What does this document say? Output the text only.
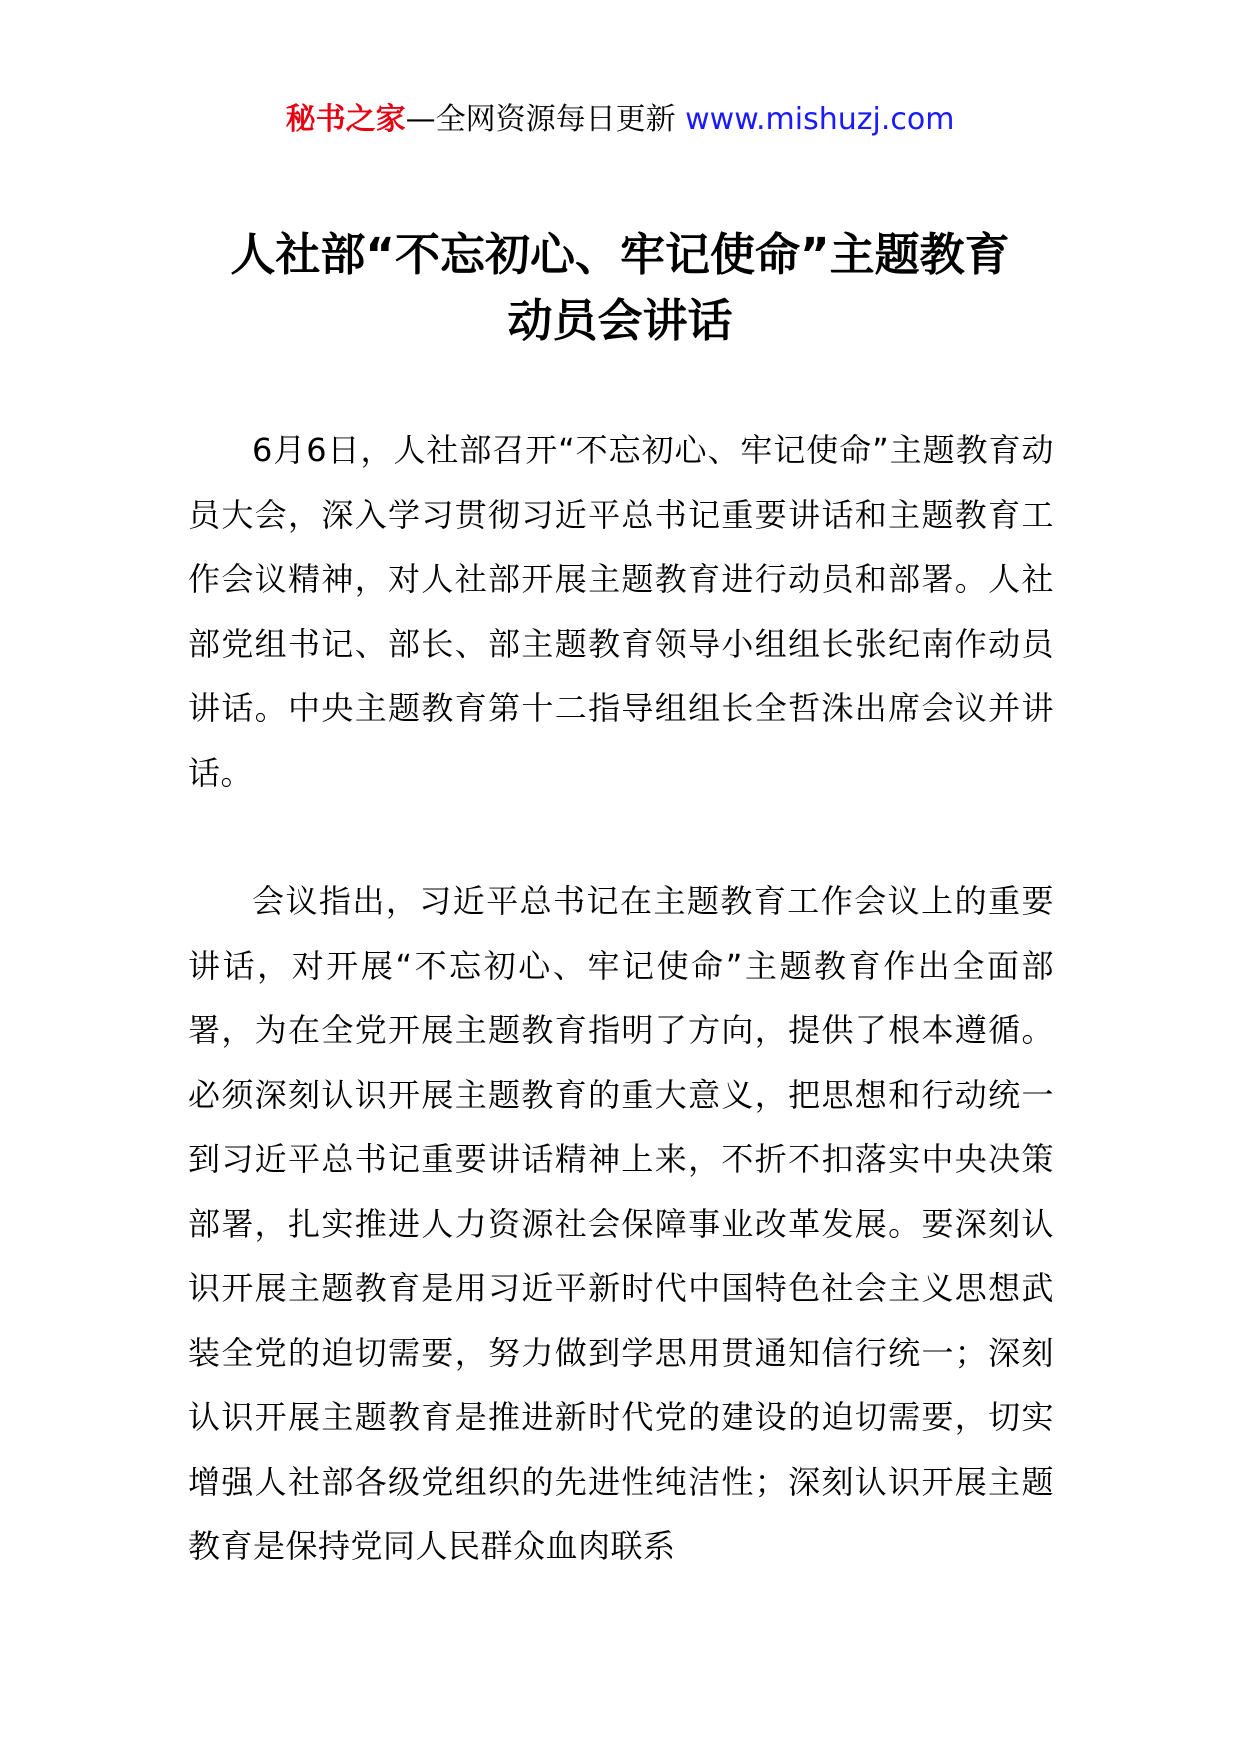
秘书之家—全网资源每日更新 www.mishuzj.com
人社部“不忘初心、牢记使命”主题教育
动员会讲话

6月6日，人社部召开“不忘初心、牢记使命”主题教育动员大会，深入学习贯彻习近平总书记重要讲话和主题教育工作会议精神，对人社部开展主题教育进行动员和部署。人社部党组书记、部长、部主题教育领导小组组长张纪南作动员讲话。中央主题教育第十二指导组组长全哲洙出席会议并讲话。

会议指出，习近平总书记在主题教育工作会议上的重要讲话，对开展“不忘初心、牢记使命”主题教育作出全面部署，为在全党开展主题教育指明了方向，提供了根本遵循。必须深刻认识开展主题教育的重大意义，把思想和行动统一到习近平总书记重要讲话精神上来，不折不扣落实中央决策部署，扎实推进人力资源社会保障事业改革发展。要深刻认识开展主题教育是用习近平新时代中国特色社会主义思想武装全党的迫切需要，努力做到学思用贯通知信行统一；深刻认识开展主题教育是推进新时代党的建设的迫切需要，切实增强人社部各级党组织的先进性纯洁性；深刻认识开展主题教育是保持党同人民群众血肉联系
